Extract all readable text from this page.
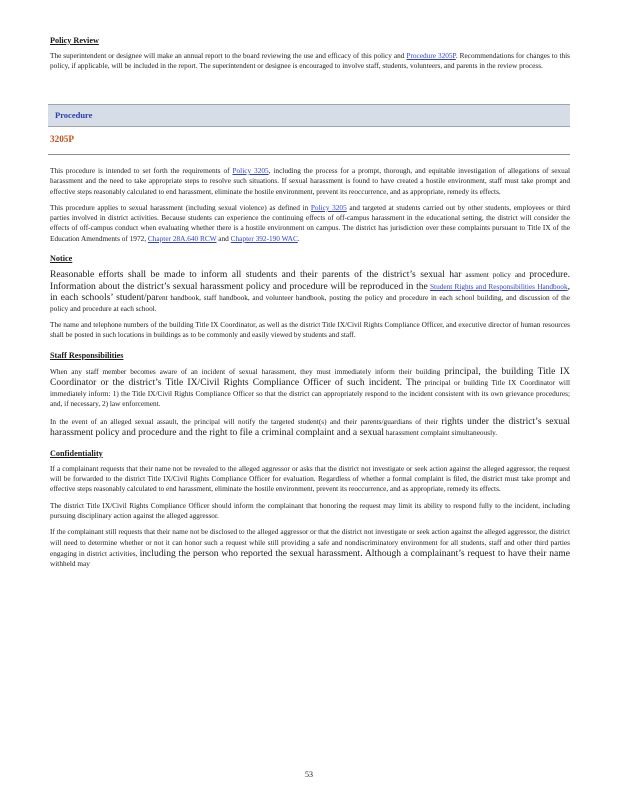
Policy Review

The superintendent or designee will make an annual report to the board reviewing the use and efficacy of this policy and Procedure 3205P. Recommendations for changes to this policy, if applicable, will be included in the report. The superintendent or designee is encouraged to involve staff, students, volunteers, and parents in the review process.

Procedure
3205P

This procedure is intended to set forth the requirements of Policy 3205, including the process for a prompt, thorough, and equitable investigation of allegations of sexual harassment and the need to take appropriate steps to resolve such situations. If sexual harassment is found to have created a hostile environment, staff must take prompt and effective steps reasonably calculated to end harassment, eliminate the hostile environment, prevent its reoccurrence, and as appropriate, remedy its effects.

This procedure applies to sexual harassment (including sexual violence) as defined in Policy 3205 and targeted at students carried out by other students, employees or third parties involved in district activities. Because students can experience the continuing effects of off-campus harassment in the educational setting, the district will consider the effects of off-campus conduct when evaluating whether there is a hostile environment on campus. The district has jurisdiction over these complaints pursuant to Title IX of the Education Amendments of 1972, Chapter 28A.640 RCW and Chapter 392-190 WAC.

Notice

Reasonable efforts shall be made to inform all students and their parents of the district’s sexual har assment policy and procedure. Information about the district’s sexual harassment policy and procedure will be reproduced in the Student Rights and Responsibilities Handbook, in each schools’ student/parent handbook, staff handbook, and volunteer handbook, posting the policy and procedure in each school building, and discussion of the policy and procedure at each school.

The name and telephone numbers of the building Title IX Coordinator, as well as the district Title IX/Civil Rights Compliance Officer, and executive director of human resources shall be posted in such locations in buildings as to be commonly and easily viewed by students and staff.

Staff Responsibilities

When any staff member becomes aware of an incident of sexual harassment, they must immediately inform their building principal, the building Title IX Coordinator or the district’s Title IX/Civil Rights Compliance Officer of such incident. The principal or building Title IX Coordinator will immediately inform: 1) the Title IX/Civil Rights Compliance Officer so that the district can appropriately respond to the incident consistent with its own grievance procedures; and, if necessary, 2) law enforcement.

In the event of an alleged sexual assault, the principal will notify the targeted student(s) and their parents/guardians of their rights under the district’s sexual harassment policy and procedure and the right to file a criminal complaint and a sexual harassment complaint simultaneously.

Confidentiality

If a complainant requests that their name not be revealed to the alleged aggressor or asks that the district not investigate or seek action against the alleged aggressor, the request will be forwarded to the district Title IX/Civil Rights Compliance Officer for evaluation. Regardless of whether a formal complaint is filed, the district must take prompt and effective steps reasonably calculated to end harassment, eliminate the hostile environment, prevent its reoccurrence, and as appropriate, remedy its effects.

The district Title IX/Civil Rights Compliance Officer should inform the complainant that honoring the request may limit its ability to respond fully to the incident, including pursuing disciplinary action against the alleged aggressor.

If the complainant still requests that their name not be disclosed to the alleged aggressor or that the district not investigate or seek action against the alleged aggressor, the district will need to determine whether or not it can honor such a request while still providing a safe and nondiscriminatory environment for all students, staff and other third parties engaging in district activities, including the person who reported the sexual harassment. Although a complainant’s request to have their name withheld may

53
